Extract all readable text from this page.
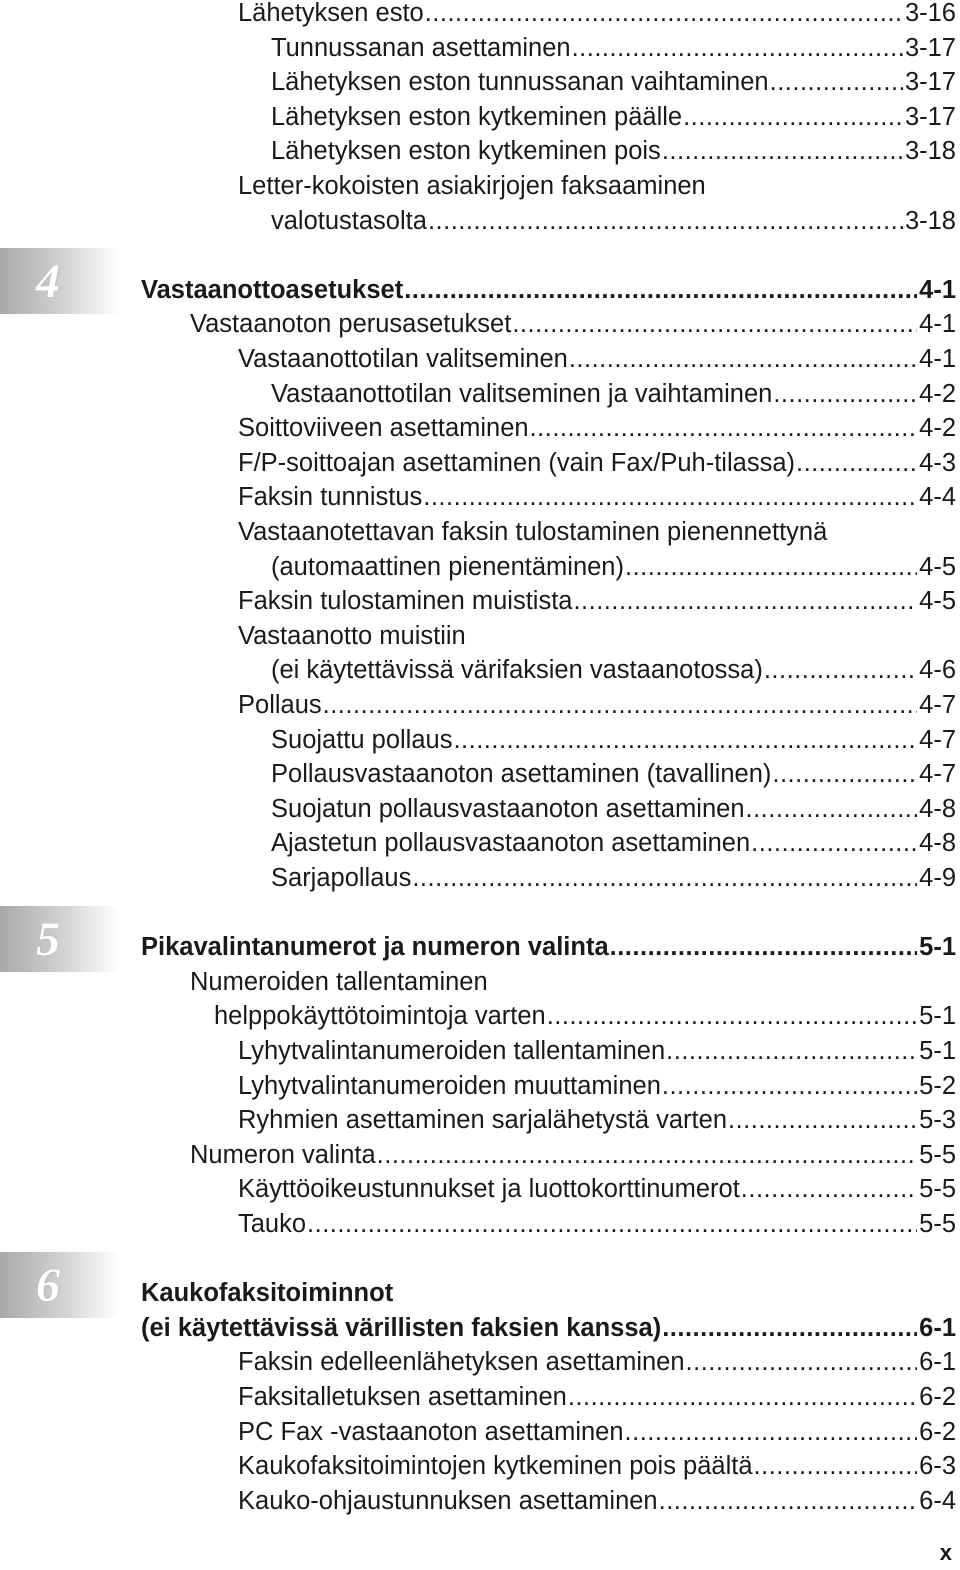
4
5
6
Lähetyksen esto .....	3-16
Tunnussanan asettaminen .....	3-17
Lähetyksen eston tunnussanan vaihtaminen .....	3-17
Lähetyksen eston kytkeminen päälle .....	3-17
Lähetyksen eston kytkeminen pois .....	3-18
Letter-kokoisten asiakirjojen faksaaminen
valotustasolta .....	3-18
Vastaanottoasetukset .....	4-1
Vastaanoton perusasetukset .....	4-1
Vastaanottotilan valitseminen .....	4-1
Vastaanottotilan valitseminen ja vaihtaminen .....	4-2
Soittoviiveen asettaminen .....	4-2
F/P-soittoajan asettaminen (vain Fax/Puh-tilassa) .....	4-3
Faksin tunnistus .....	4-4
Vastaanotettavan faksin tulostaminen pienennettynä
(automaattinen pienentäminen) .....	4-5
Faksin tulostaminen muistista .....	4-5
Vastaanotto muistiin
(ei käytettävissä värifaksien vastaanotossa) .....	4-6
Pollaus .....	4-7
Suojattu pollaus .....	4-7
Pollausvastaanoton asettaminen (tavallinen) .....	4-7
Suojatun pollausvastaanoton asettaminen .....	4-8
Ajastetun pollausvastaanoton asettaminen .....	4-8
Sarjapollaus .....	4-9
Pikavalintanumerot ja numeron valinta .....	5-1
Numeroiden tallentaminen
helppokäyttötoimintoja varten .....	5-1
Lyhytvalintanumeroiden tallentaminen .....	5-1
Lyhytvalintanumeroiden muuttaminen .....	5-2
Ryhmien asettaminen sarjalähetystä varten .....	5-3
Numeron valinta .....	5-5
Käyttöoikeustunnukset ja luottokorttinumerot .....	5-5
Tauko .....	5-5
Kaukofaksitoiminnot
(ei käytettävissä värillisten faksien kanssa) .....	6-1
Faksin edelleenlähetyksen asettaminen .....	6-1
Faksitalletuksen asettaminen .....	6-2
PC Fax -vastaanoton asettaminen .....	6-2
Kaukofaksitoimintojen kytkeminen pois päältä .....	6-3
Kauko-ohjaustunnuksen asettaminen .....	6-4
x
